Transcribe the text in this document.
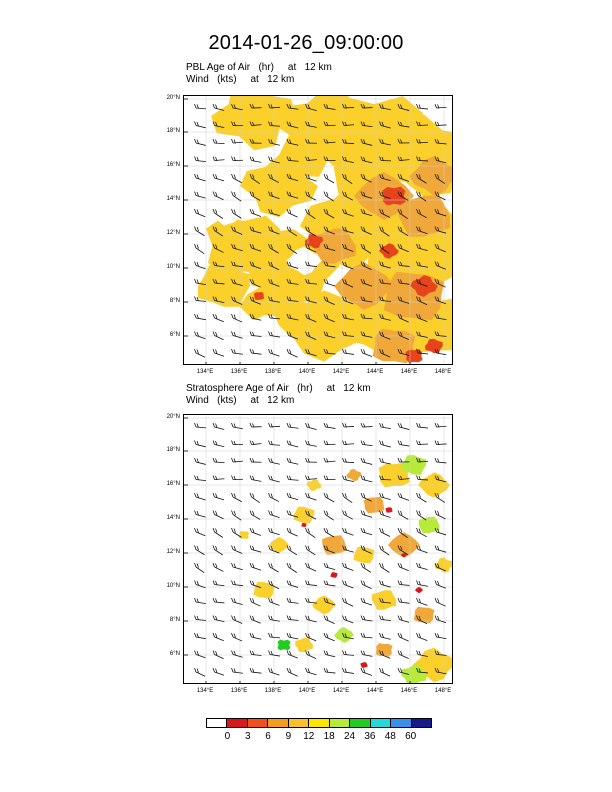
2014-01-26_09:00:00
PBL Age of Air   (hr)     at   12 km
Wind   (kts)     at   12 km
Stratosphere Age of Air   (hr)     at   12 km
Wind   (kts)     at   12 km
20°N
18°N
16°N
14°N
12°N
10°N
8°N
6°N
134°E	136°E	138°E	140°E	142°E	144°E	146°E	148°E
20°N
18°N
16°N
14°N
12°N
10°N
8°N
6°N
134°E	136°E	138°E	140°E	142°E	144°E	146°E	148°E
0	3	6	9	12 18 24 36 48 60
